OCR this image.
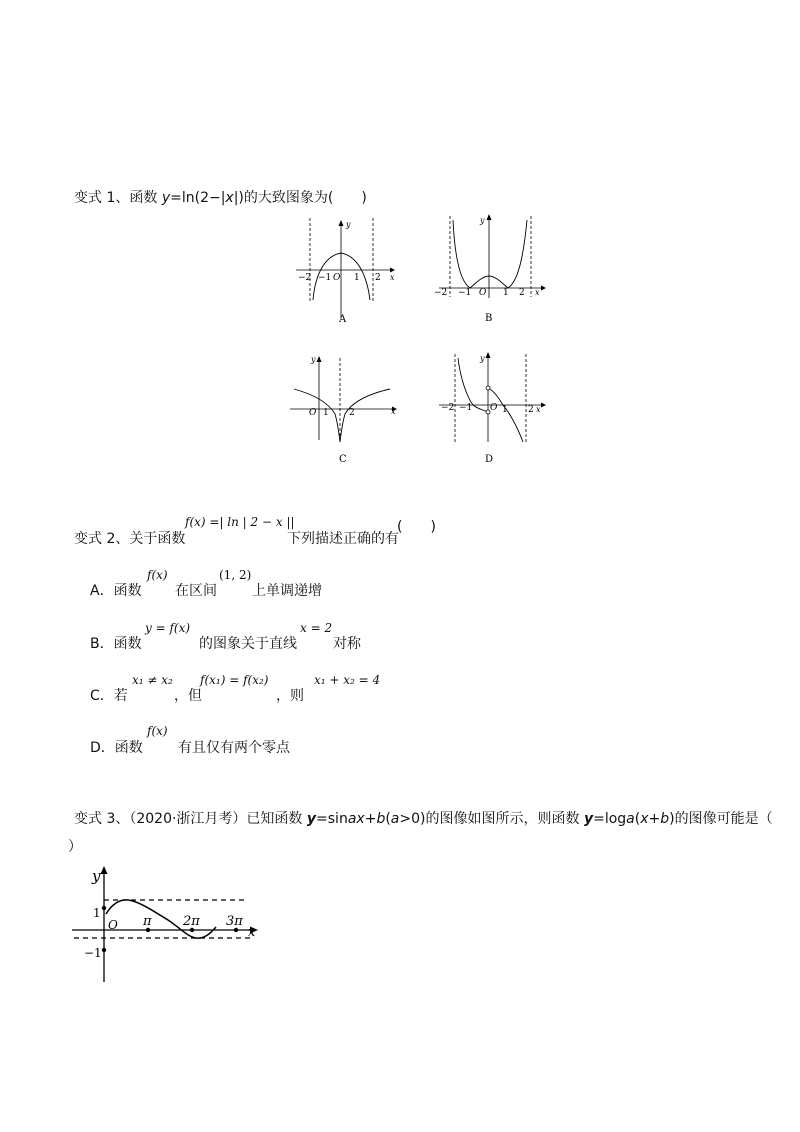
变式 1、函数 y=ln(2−|x|)的大致图象为(　　)
y
x
−2 −1 O 1 2
A
y
x
−2 −1 O 1 2
B
y
x
O 1 2
C
y
x
−2 −1 O 1 2
D
变式 2、关于函数
f(x) =| ln | 2 − x ||
下列描述正确的有
(　　)
A．函数
f(x)
在区间
(1, 2)
上单调递增
B．函数
y = f(x)
的图象关于直线
x = 2
对称
C．若
x₁ ≠ x₂
，但
f(x₁) = f(x₂)
，则
x₁ + x₂ = 4
D．函数
f(x)
有且仅有两个零点
变式 3、（2020·浙江月考）已知函数 y=sinax+b(a>0)的图像如图所示，则函数 y=loga(x+b)的图像可能是（
）
y
x
1
−1
O π 2π 3π
